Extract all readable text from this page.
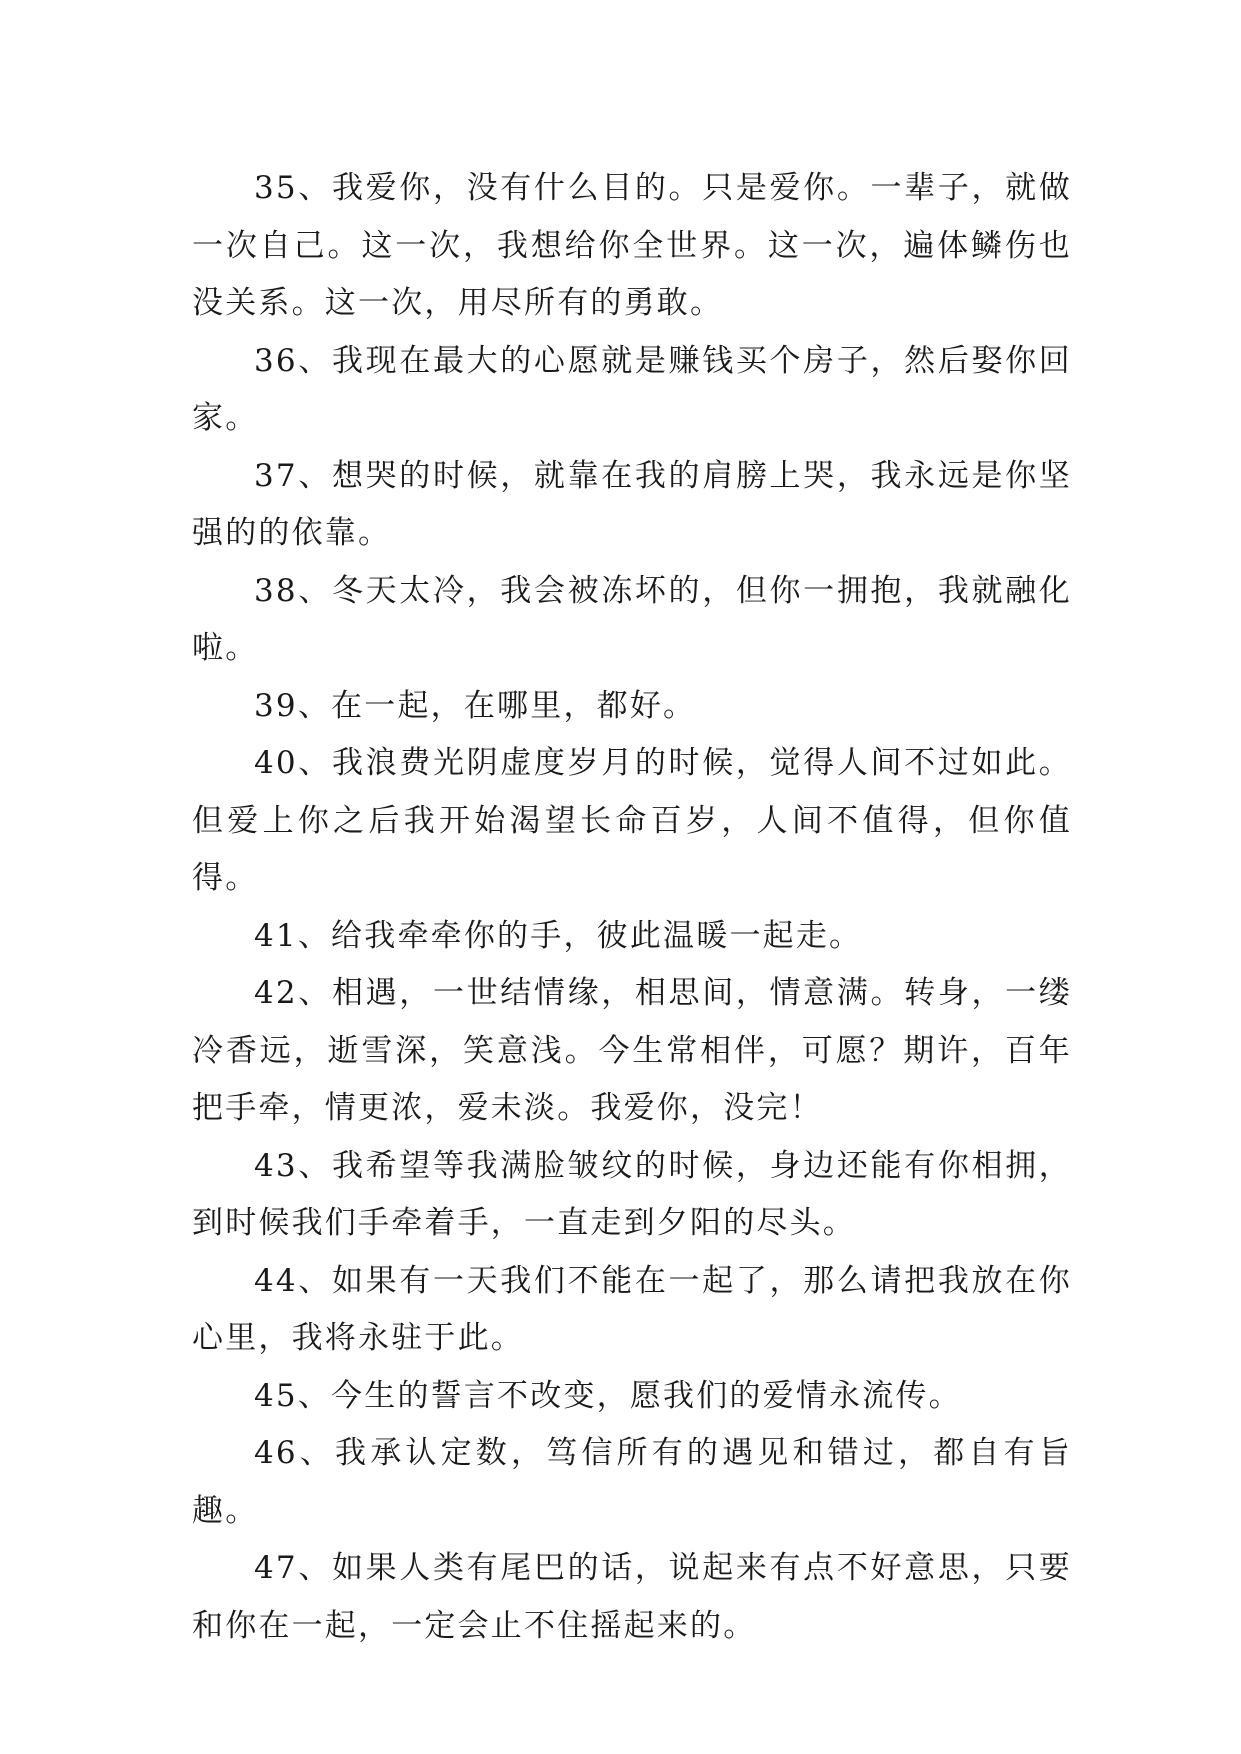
35、我爱你，没有什么目的。只是爱你。一辈子，就做一次自己。这一次，我想给你全世界。这一次，遍体鳞伤也没关系。这一次，用尽所有的勇敢。

36、我现在最大的心愿就是赚钱买个房子，然后娶你回家。

37、想哭的时候，就靠在我的肩膀上哭，我永远是你坚强的的依靠。

38、冬天太冷，我会被冻坏的，但你一拥抱，我就融化啦。

39、在一起，在哪里，都好。

40、我浪费光阴虚度岁月的时候，觉得人间不过如此。但爱上你之后我开始渴望长命百岁，人间不值得，但你值得。

41、给我牵牵你的手，彼此温暖一起走。

42、相遇，一世结情缘，相思间，情意满。转身，一缕冷香远，逝雪深，笑意浅。今生常相伴，可愿？期许，百年把手牵，情更浓，爱未淡。我爱你，没完！

43、我希望等我满脸皱纹的时候，身边还能有你相拥，到时候我们手牵着手，一直走到夕阳的尽头。

44、如果有一天我们不能在一起了，那么请把我放在你心里，我将永驻于此。

45、今生的誓言不改变，愿我们的爱情永流传。

46、我承认定数，笃信所有的遇见和错过，都自有旨趣。

47、如果人类有尾巴的话，说起来有点不好意思，只要和你在一起，一定会止不住摇起来的。
